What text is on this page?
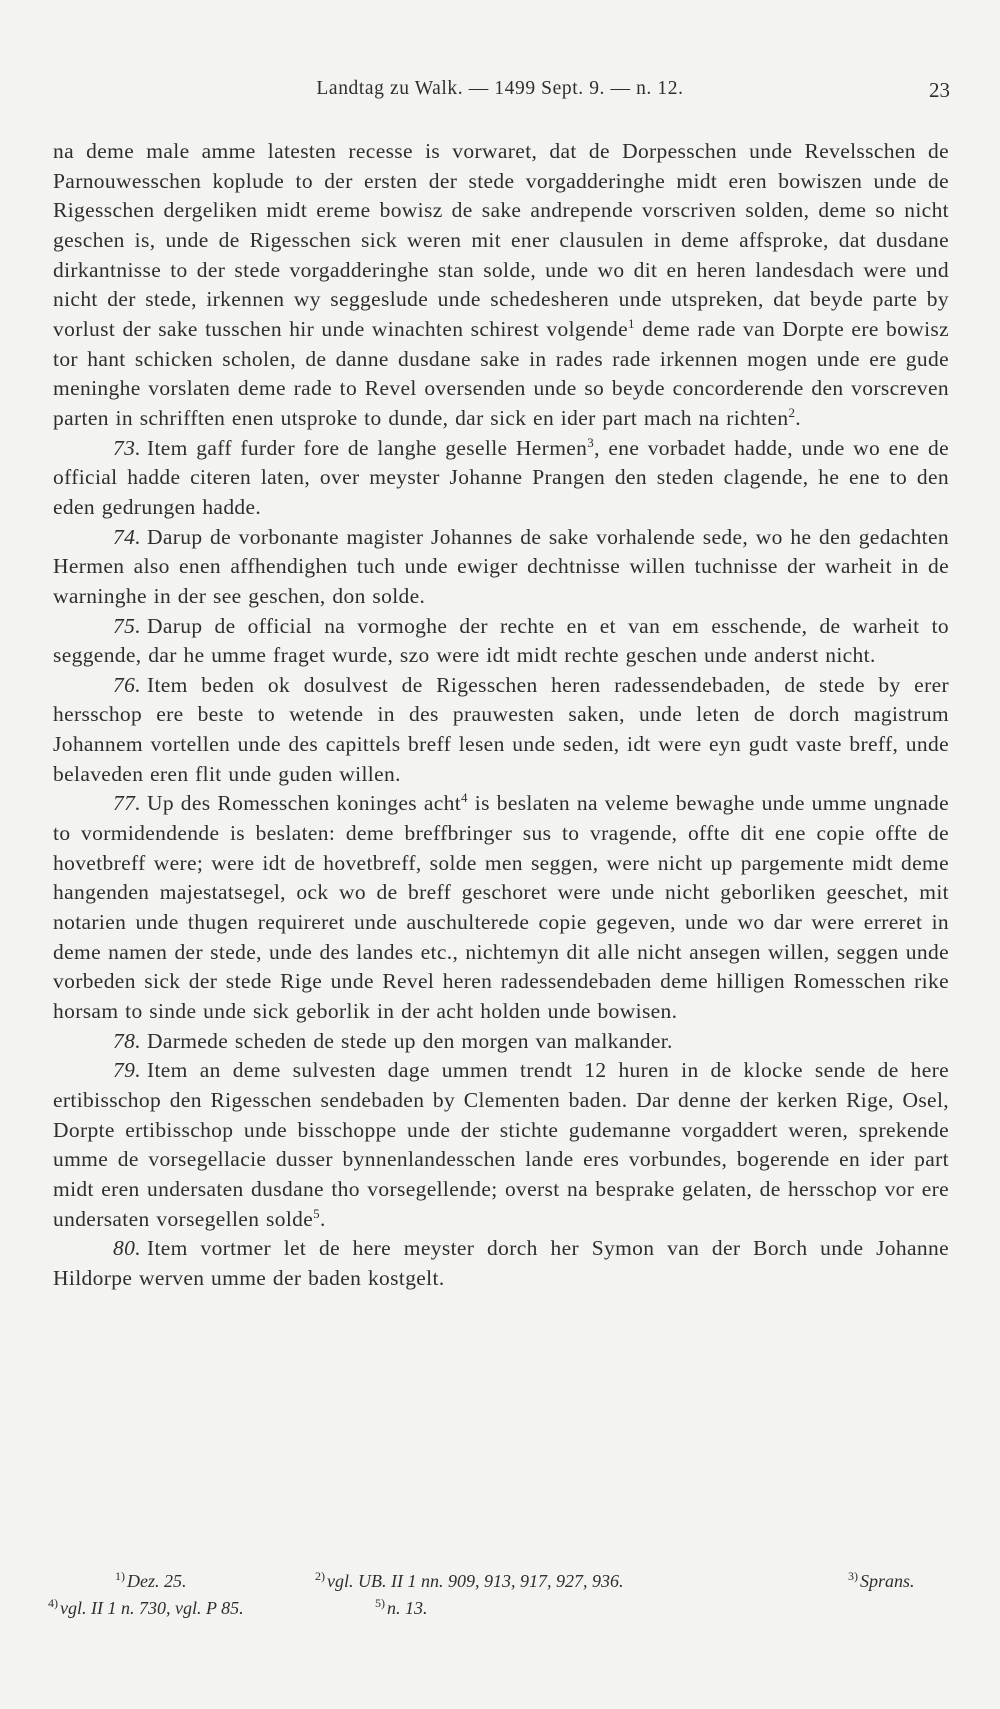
Landtag zu Walk. — 1499 Sept. 9. — n. 12.	23

na deme male amme latesten recesse is vorwaret, dat de Dorpesschen unde Revelsschen de Parnouwesschen koplude to der ersten der stede vorgadderinghe midt eren bowiszen unde de Rigesschen dergeliken midt ereme bowisz de sake andrepende vorscriven solden, deme so nicht geschen is, unde de Rigesschen sick weren mit ener clausulen in deme affsproke, dat dusdane dirkantnisse to der stede vorgadderinghe stan solde, unde wo dit en heren landesdach were und nicht der stede, irkennen wy seggeslude unde schedesheren unde utspreken, dat beyde parte by vorlust der sake tusschen hir unde winachten schirest volgende$^1$ deme rade van Dorpte ere bowisz tor hant schicken scholen, de danne dusdane sake in rades rade irkennen mogen unde ere gude meninghe vorslaten deme rade to Revel oversenden unde so beyde concorderende den vorscreven parten in schrifften enen utsproke to dunde, dar sick en ider part mach na richten$^2$.

73. Item gaff furder fore de langhe geselle Hermen$^3$, ene vorbadet hadde, unde wo ene de official hadde citeren laten, over meyster Johanne Prangen den steden clagende, he ene to den eden gedrungen hadde.

74. Darup de vorbonante magister Johannes de sake vorhalende sede, wo he den gedachten Hermen also enen affhendighen tuch unde ewiger dechtnisse willen tuchnisse der warheit in de warninghe in der see geschen, don solde.

75. Darup de official na vormoghe der rechte en et van em esschende, de warheit to seggende, dar he umme fraget wurde, szo were idt midt rechte geschen unde anderst nicht.

76. Item beden ok dosulvest de Rigesschen heren radessendebaden, de stede by erer hersschop ere beste to wetende in des prauwesten saken, unde leten de dorch magistrum Johannem vortellen unde des capittels breff lesen unde seden, idt were eyn gudt vaste breff, unde belaveden eren flit unde guden willen.

77. Up des Romesschen koninges acht$^4$ is beslaten na veleme bewaghe unde umme ungnade to vormidendende is beslaten: deme breffbringer sus to vragende, offte dit ene copie offte de hovetbreff were; were idt de hovetbreff, solde men seggen, were nicht up pargemente midt deme hangenden majestatsegel, ock wo de breff geschoret were unde nicht geborliken geeschet, mit notarien unde thugen requireret unde auschulterede copie gegeven, unde wo dar were erreret in deme namen der stede, unde des landes etc., nichtemyn dit alle nicht ansegen willen, seggen unde vorbeden sick der stede Rige unde Revel heren radessendebaden deme hilligen Romesschen rike horsam to sinde unde sick geborlik in der acht holden unde bowisen.

78. Darmede scheden de stede up den morgen van malkander.

79. Item an deme sulvesten dage ummen trendt 12 huren in de klocke sende de here ertibisschop den Rigesschen sendebaden by Clementen baden. Dar denne der kerken Rige, Osel, Dorpte ertibisschop unde bisschoppe unde der stichte gudemanne vorgaddert weren, sprekende umme de vorsegellacie dusser bynnenlandesschen lande eres vorbundes, bogerende en ider part midt eren undersaten dusdane tho vorsegellende; overst na besprake gelaten, de hersschop vor ere undersaten vorsegellen solde$^5$.

80. Item vortmer let de here meyster dorch her Symon van der Borch unde Johanne Hildorpe werven umme der baden kostgelt.

$^{1)}$ Dez. 25.	$^{2)}$ vgl. UB. II 1 nn. 909, 913, 917, 927, 936.	$^{3)}$ Sprans.
$^{4)}$ vgl. II 1 n. 730, vgl. P 85.	$^{5)}$ n. 13.
